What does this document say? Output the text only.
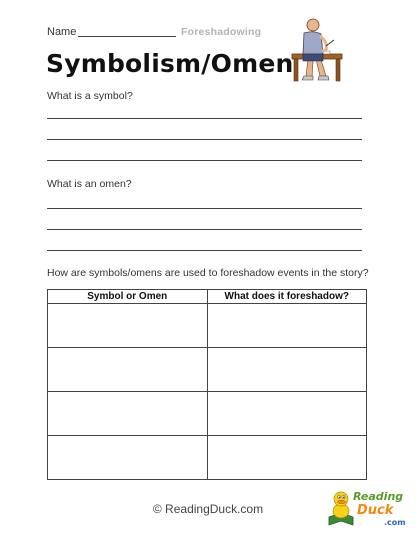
Name	Foreshadowing
Symbolism/Omen
What is a symbol?
What is an omen?
How are symbols/omens are used to foreshadow events in the story?
Symbol or Omen	What does it foreshadow?

© ReadingDuck.com
Reading
Duck
.com
